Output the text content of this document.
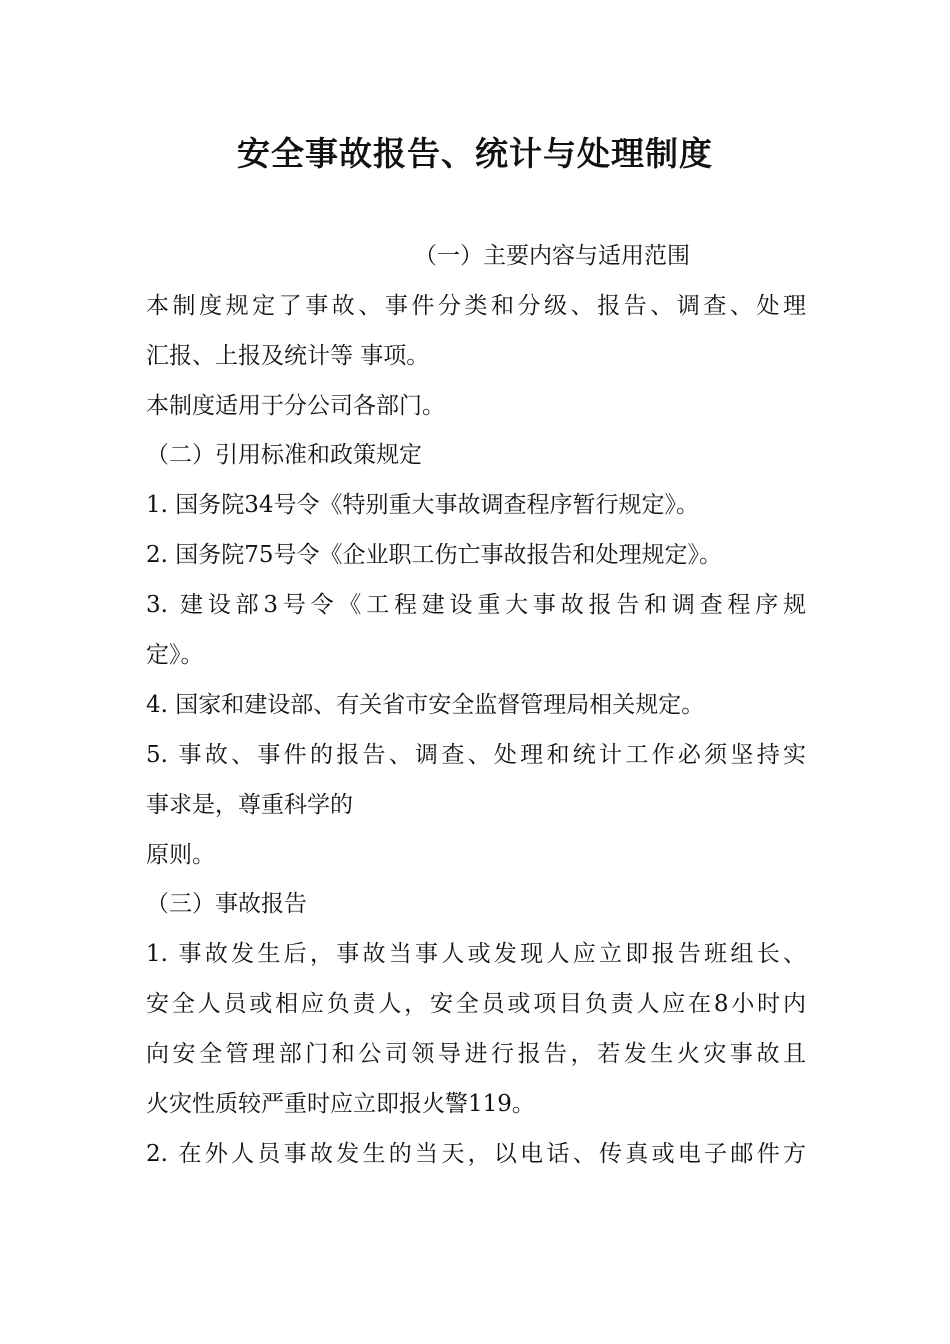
安全事故报告、统计与处理制度

（一）主要内容与适用范围

本制度规定了事故、事件分类和分级、报告、调查、处理

汇报、上报及统计等 事项。

本制度适用于分公司各部门。

（二）引用标准和政策规定

1. 国务院34号令《特别重大事故调查程序暂行规定》。

2. 国务院75号令《企业职工伤亡事故报告和处理规定》。

3. 建设部3号令《工程建设重大事故报告和调查程序规

定》。

4. 国家和建设部、有关省市安全监督管理局相关规定。

5. 事故、事件的报告、调查、处理和统计工作必须坚持实

事求是，尊重科学的

原则。

（三）事故报告

1. 事故发生后，事故当事人或发现人应立即报告班组长、

安全人员或相应负责人，安全员或项目负责人应在8小时内

向安全管理部门和公司领导进行报告，若发生火灾事故且

火灾性质较严重时应立即报火警119。

2. 在外人员事故发生的当天，以电话、传真或电子邮件方
